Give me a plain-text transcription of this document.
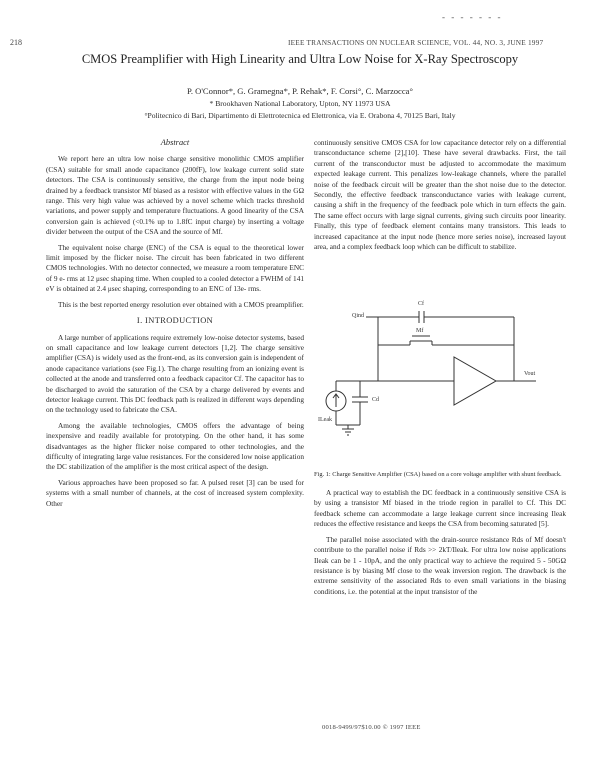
- - - - - - -
218	IEEE TRANSACTIONS ON NUCLEAR SCIENCE, VOL. 44, NO. 3, JUNE 1997
CMOS Preamplifier with High Linearity and Ultra Low Noise for X-Ray Spectroscopy
P. O'Connor*, G. Gramegna*, P. Rehak*, F. Corsi°, C. Marzocca°
* Brookhaven National Laboratory, Upton, NY 11973 USA
°Politecnico di Bari, Dipartimento di Elettrotecnica ed Elettronica, via E. Orabona 4, 70125 Bari, Italy
Abstract

We report here an ultra low noise charge sensitive monolithic CMOS amplifier (CSA) suitable for small anode capacitance (200fF), low leakage current solid state detectors. The CSA is continuously sensitive, the charge from the input node being drained by a feedback transistor Mf biased as a resistor with effective values in the GΩ range. This very high value was achieved by a novel scheme which tracks threshold variations, and power supply and temperature fluctuations. A good linearity of the CSA conversion gain is achieved (<0.1% up to 1.8fC input charge) by inserting a voltage divider between the output of the CSA and the source of Mf.

The equivalent noise charge (ENC) of the CSA is equal to the theoretical lower limit imposed by the flicker noise. The circuit has been fabricated in two different CMOS technologies. With no detector connected, we measure a room temperature ENC of 9 e- rms at 12 μsec shaping time. When coupled to a cooled detector a FWHM of 141 eV is obtained at 2.4 μsec shaping, corresponding to an ENC of 13e- rms.

This is the best reported energy resolution ever obtained with a CMOS preamplifier.

I. INTRODUCTION

A large number of applications require extremely low-noise detector systems, based on small capacitance and low leakage current detectors [1,2]. The charge sensitive amplifier (CSA) is widely used as the front-end, as its conversion gain is independent of anode capacitance variations (see Fig.1). The charge resulting from an ionizing event is collected at the anode and transferred onto a feedback capacitor Cf. The capacitor has to be discharged to avoid the saturation of the CSA by a charge delivered by events and detector leakage current. This DC feedback path is realized in different ways depending on the technology used to fabricate the CSA.

Among the available technologies, CMOS offers the advantage of being inexpensive and readily available for prototyping. On the other hand, it has some disadvantages as the higher flicker noise compared to other technologies, and the difficulty of integrating large value resistances. For the considered low noise application the DC stabilization of the amplifier is the most critical aspect of the design.

Various approaches have been proposed so far. A pulsed reset [3] can be used for systems with a small number of channels, at the cost of increased system complexity. Other

continuously sensitive CMOS CSA for low capacitance detector rely on a differential transconductance scheme [2],[10]. These have several drawbacks. First, the tail current of the transconductor must be adjusted to accommodate the maximum expected leakage current. This penalizes low-leakage channels, where the parallel noise of the feedback circuit will be greater than the shot noise due to the detector. Secondly, the effective feedback transconductance varies with leakage current, causing a shift in the frequency of the feedback pole which in turn effects the gain. The same effect occurs with large signal currents, giving such circuits poor linearity. Finally, this type of feedback element contains many transistors. This leads to increased capacitance at the input node (hence more series noise), increased layout area, and a complex feedback loop which can be difficult to stabilize.

Qind
Cf
Mf
Cd
Vout
ILeak
Fig. 1: Charge Sensitive Amplifier (CSA) based on a core voltage amplifier with shunt feedback.

A practical way to establish the DC feedback in a continuously sensitive CSA is by using a transistor Mf biased in the triode region in parallel to Cf. This DC feedback scheme can accommodate a large leakage current since increasing Ileak reduces the effective resistance and keeps the CSA from becoming saturated [5].

The parallel noise associated with the drain-source resistance Rds of Mf doesn't contribute to the parallel noise if Rds >> 2kT/Ileak. For ultra low noise applications Ileak can be 1 - 10pA, and the only practical way to achieve the required 5 - 50GΩ resistance is by biasing Mf close to the weak inversion region. The drawback is the extreme sensitivity of the associated Rds to even small variations in the biasing conditions, i.e. the potential at the input transistor of the

0018-9499/97$10.00 © 1997 IEEE
